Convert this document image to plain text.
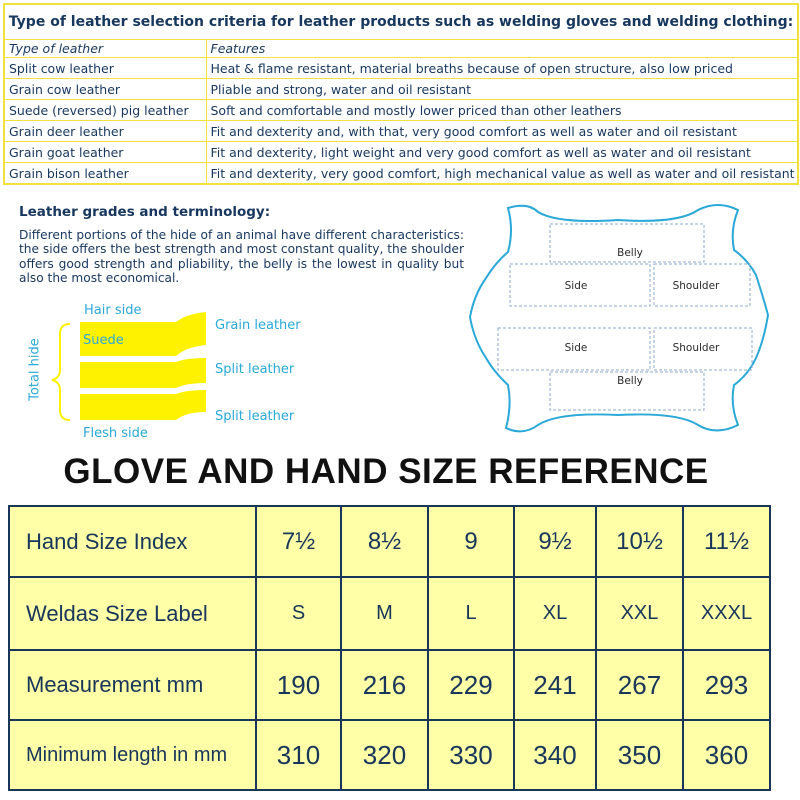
Type of leather selection criteria for leather products such as welding gloves and welding clothing:	
Type of leather	Features
Split cow leather	Heat & flame resistant, material breaths because of open structure, also low priced
Grain cow leather	Pliable and strong, water and oil resistant
Suede (reversed) pig leather	Soft and comfortable and mostly lower priced than other leathers
Grain deer leather	Fit and dexterity and, with that, very good comfort as well as water and oil resistant
Grain goat leather	Fit and dexterity, light weight and very good comfort as well as water and oil resistant
Grain bison leather	Fit and dexterity, very good comfort, high mechanical value as well as water and oil resistant
Leather grades and terminology:
Different portions of the hide of an animal have different characteristics: the side offers the best strength and most constant quality, the shoulder offers good strength and pliability, the belly is the lowest in quality but also the most economical.
Hair side
Suede
Grain leather
Split leather
Split leather
Flesh side
Total hide
Belly
Side	Shoulder
Side	Shoulder
Belly
GLOVE AND HAND SIZE REFERENCE
Hand Size Index	7½	8½	9	9½	10½	11½
Weldas Size Label	S	M	L	XL	XXL	XXXL
Measurement mm	190	216	229	241	267	293
Minimum length in mm	310	320	330	340	350	360
